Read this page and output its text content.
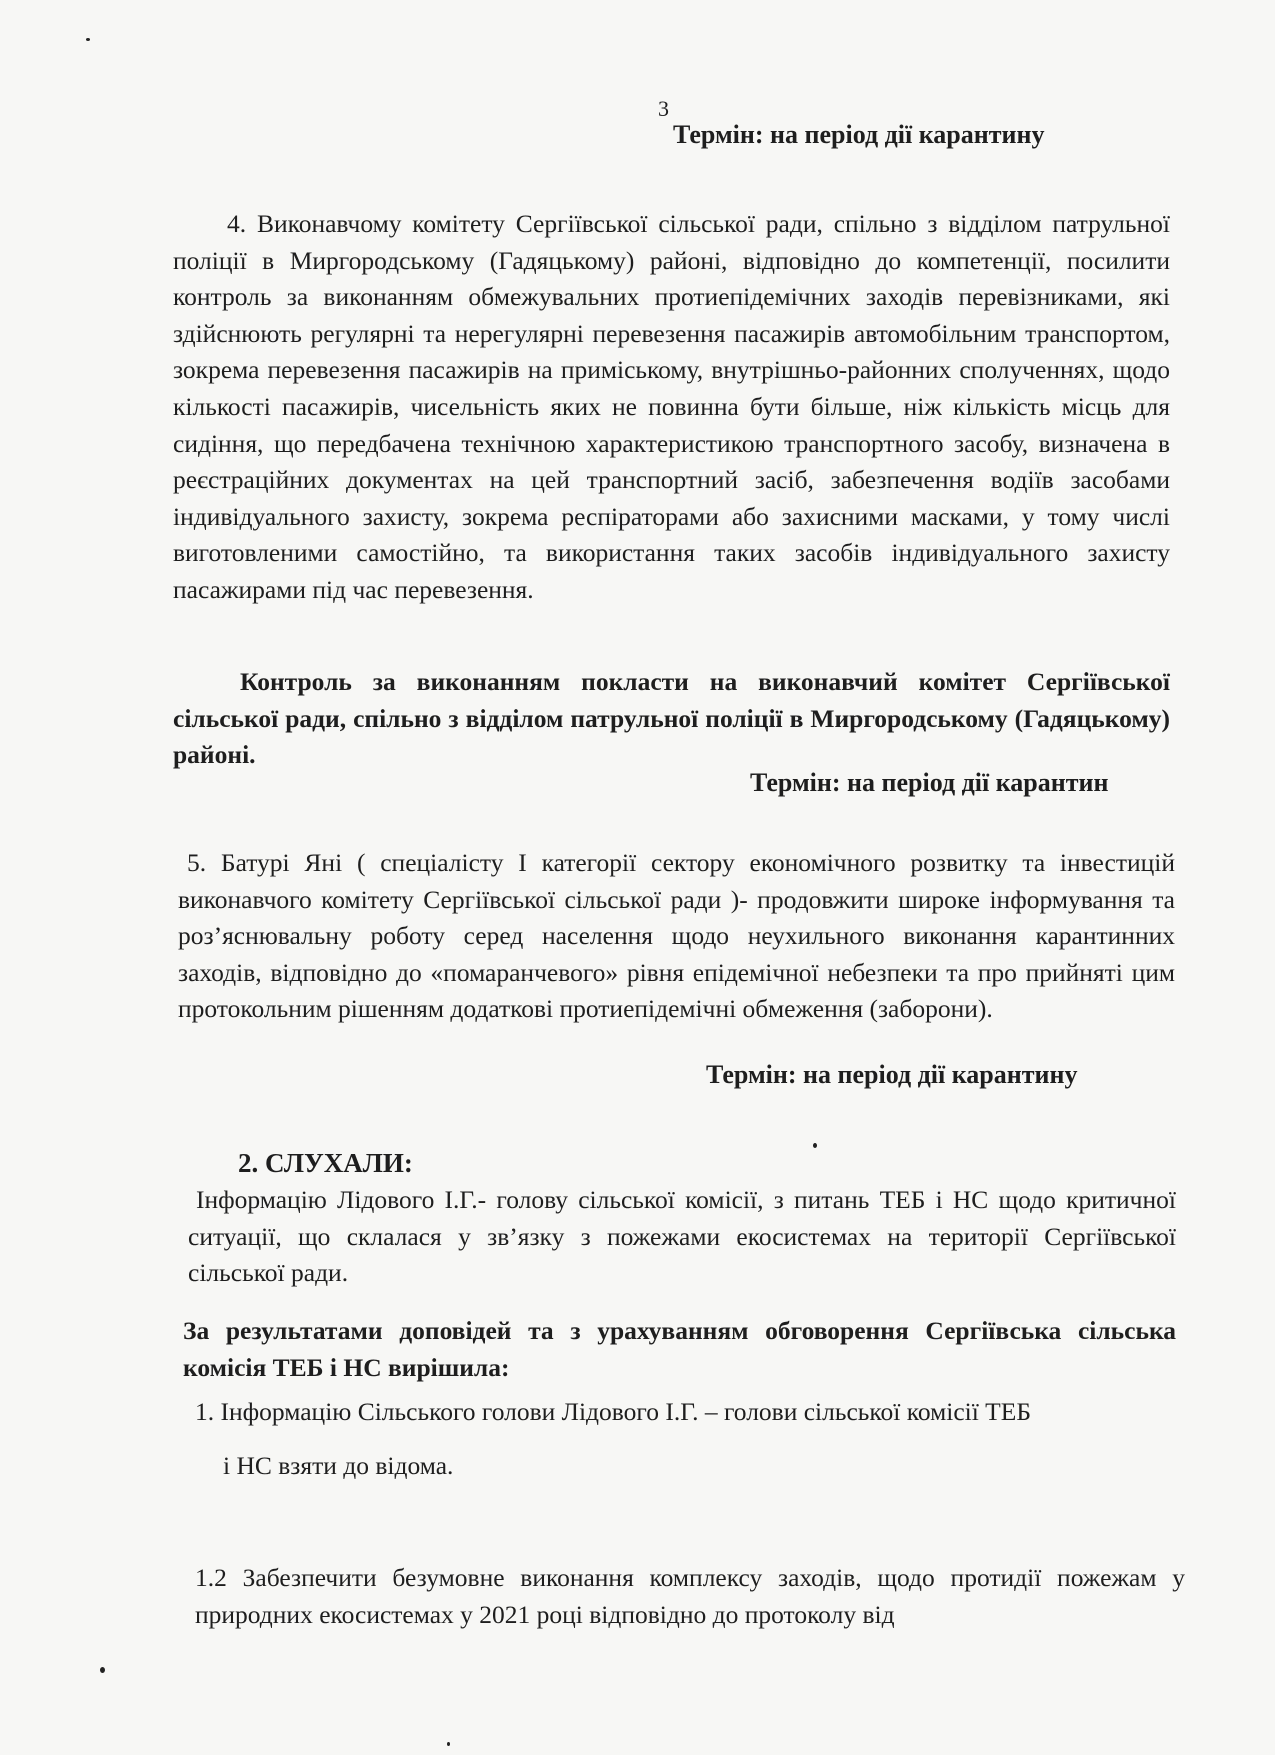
3
Термін: на період дії карантину
4. Виконавчому комітету Сергіївської сільської ради, спільно з відділом патрульної поліції в Миргородському (Гадяцькому) районі, відповідно до компетенції, посилити контроль за виконанням обмежувальних протиепідемічних заходів перевізниками, які здійснюють регулярні та нерегулярні перевезення пасажирів автомобільним транспортом, зокрема перевезення пасажирів на приміському, внутрішньо-районних сполученнях, щодо кількості пасажирів, чисельність яких не повинна бути більше, ніж кількість місць для сидіння, що передбачена технічною характеристикою транспортного засобу, визначена в реєстраційних документах на цей транспортний засіб, забезпечення водіїв засобами індивідуального захисту, зокрема респіраторами або захисними масками, у тому числі виготовленими самостійно, та використання таких засобів індивідуального захисту пасажирами під час перевезення.
Контроль за виконанням покласти на виконавчий комітет Сергіївської сільської ради, спільно з відділом патрульної поліції в Миргородському (Гадяцькому) районі.
Термін: на період дії карантин
5. Батурі Яні ( спеціалісту І категорії сектору економічного розвитку та інвестицій виконавчого комітету Сергіївської сільської ради )- продовжити широке інформування та роз’яснювальну роботу серед населення щодо неухильного виконання карантинних заходів, відповідно до «помаранчевого» рівня епідемічної небезпеки та про прийняті цим протокольним рішенням додаткові протиепідемічні обмеження (заборони).
Термін: на період дії карантину
2. СЛУХАЛИ:
Інформацію Лідового І.Г.- голову сільської комісії, з питань ТЕБ і НС щодо критичної ситуації, що склалася у зв’язку з пожежами екосистемах на території Сергіївської сільської ради.
За результатами доповідей та з урахуванням обговорення Сергіївська сільська комісія ТЕБ і НС вирішила:
1. Інформацію Сільського голови Лідового І.Г. – голови сільської комісії ТЕБ
і НС взяти до відома.
1.2 Забезпечити безумовне виконання комплексу заходів, щодо протидії пожежам у природних екосистемах у 2021 році відповідно до протоколу від
